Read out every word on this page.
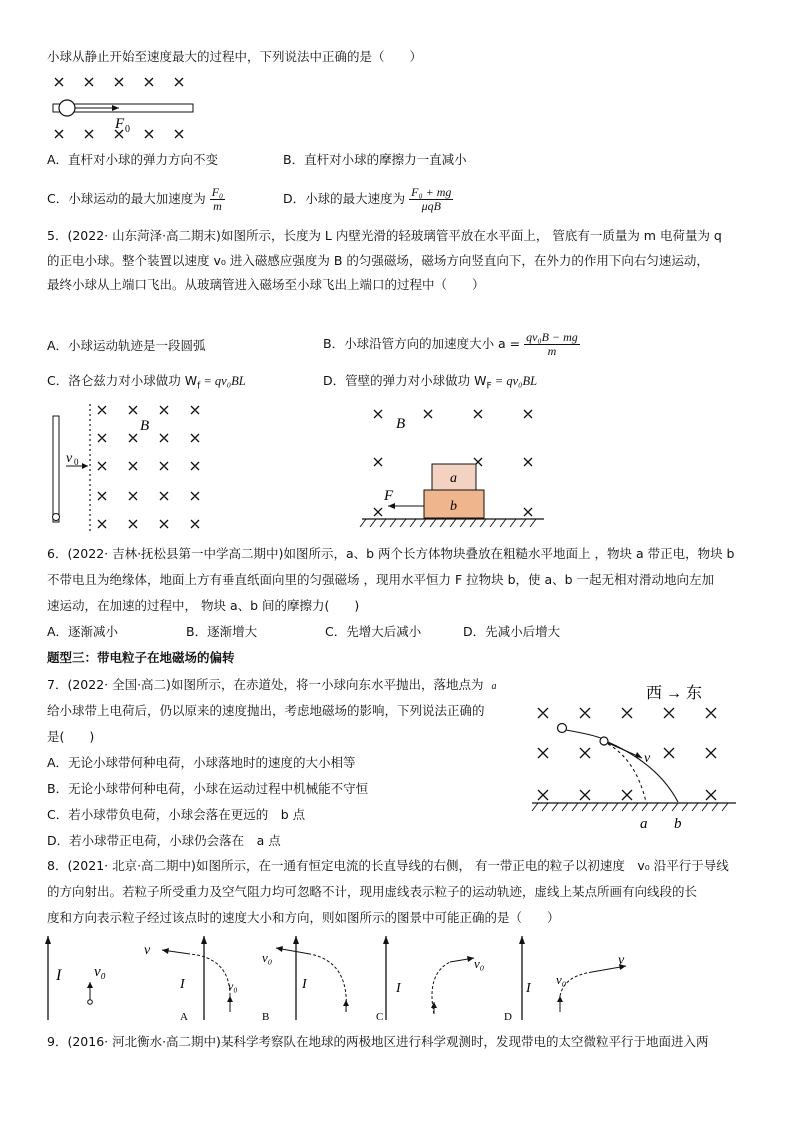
小球从静止开始至速度最大的过程中，下列说法中正确的是（　　）
F 0
A．直杆对小球的弹力方向不变	B．直杆对小球的摩擦力一直减小
C．小球运动的最大加速度为 $\frac{\text{F₀}}{m}$	D．小球的最大速度为 $\frac{\text{F₀ + mg}}{\text{μqB}}$
5．(2022· 山东菏泽·高二期末)如图所示，长度为 L 内壁光滑的轻玻璃管平放在水平面上， 管底有一质量为 m 电荷量为 q
的正电小球。整个装置以速度 v₀ 进入磁感应强度为 B 的匀强磁场，磁场方向竖直向下，在外力的作用下向右匀速运动，
最终小球从上端口飞出。从玻璃管进入磁场至小球飞出上端口的过程中（　　）
A．小球运动轨迹是一段圆弧	B．小球沿管方向的加速度大小 $a = \frac{\text{qv₀B − mg}}{m}$
C．洛仑兹力对小球做功 $W_f = qv_0BL$	D．管壁的弹力对小球做功 $W_F = qv_0BL$
v 0
B	B
a
b
F
6．(2022· 吉林·抚松县第一中学高二期中)如图所示，a、b 两个长方体物块叠放在粗糙水平地面上 ，物块 a 带正电，物块 b
不带电且为绝缘体，地面上方有垂直纸面向里的匀强磁场 ，现用水平恒力 F 拉物块 b，使 a、b 一起无相对滑动地向左加
速运动，在加速的过程中， 物块 a、b 间的摩擦力(　　)
A．逐渐减小	B．逐渐增大	C．先增大后减小	D．先减小后增大
题型三：带电粒子在地磁场的偏转
7．(2022· 全国·高二)如图所示，在赤道处，将一小球向东水平抛出，落地点为 a
给小球带上电荷后，仍以原来的速度抛出，考虑地磁场的影响，下列说法正确的
是(　　)
A．无论小球带何种电荷，小球落地时的速度的大小相等
B．无论小球带何种电荷，小球在运动过程中机械能不守恒
C．若小球带负电荷，小球会落在更远的　b 点
D．若小球带正电荷，小球仍会落在　a 点
西 → 东
v
a b
8．(2021· 北京·高二期中)如图所示，在一通有恒定电流的长直导线的右侧， 有一带正电的粒子以初速度　v₀ 沿平行于导线
的方向射出。若粒子所受重力及空气阻力均可忽略不计，现用虚线表示粒子的运动轨迹，虚线上某点所画有向线段的长
度和方向表示粒子经过该点时的速度大小和方向，则如图所示的图景中可能正确的是（　　）
I v₀
A
I
v
v₀
B
I
v₀
C
I
v₀
D
I
v₀
v
9．(2016· 河北衡水·高二期中)某科学考察队在地球的两极地区进行科学观测时，发现带电的太空微粒平行于地面进入两
